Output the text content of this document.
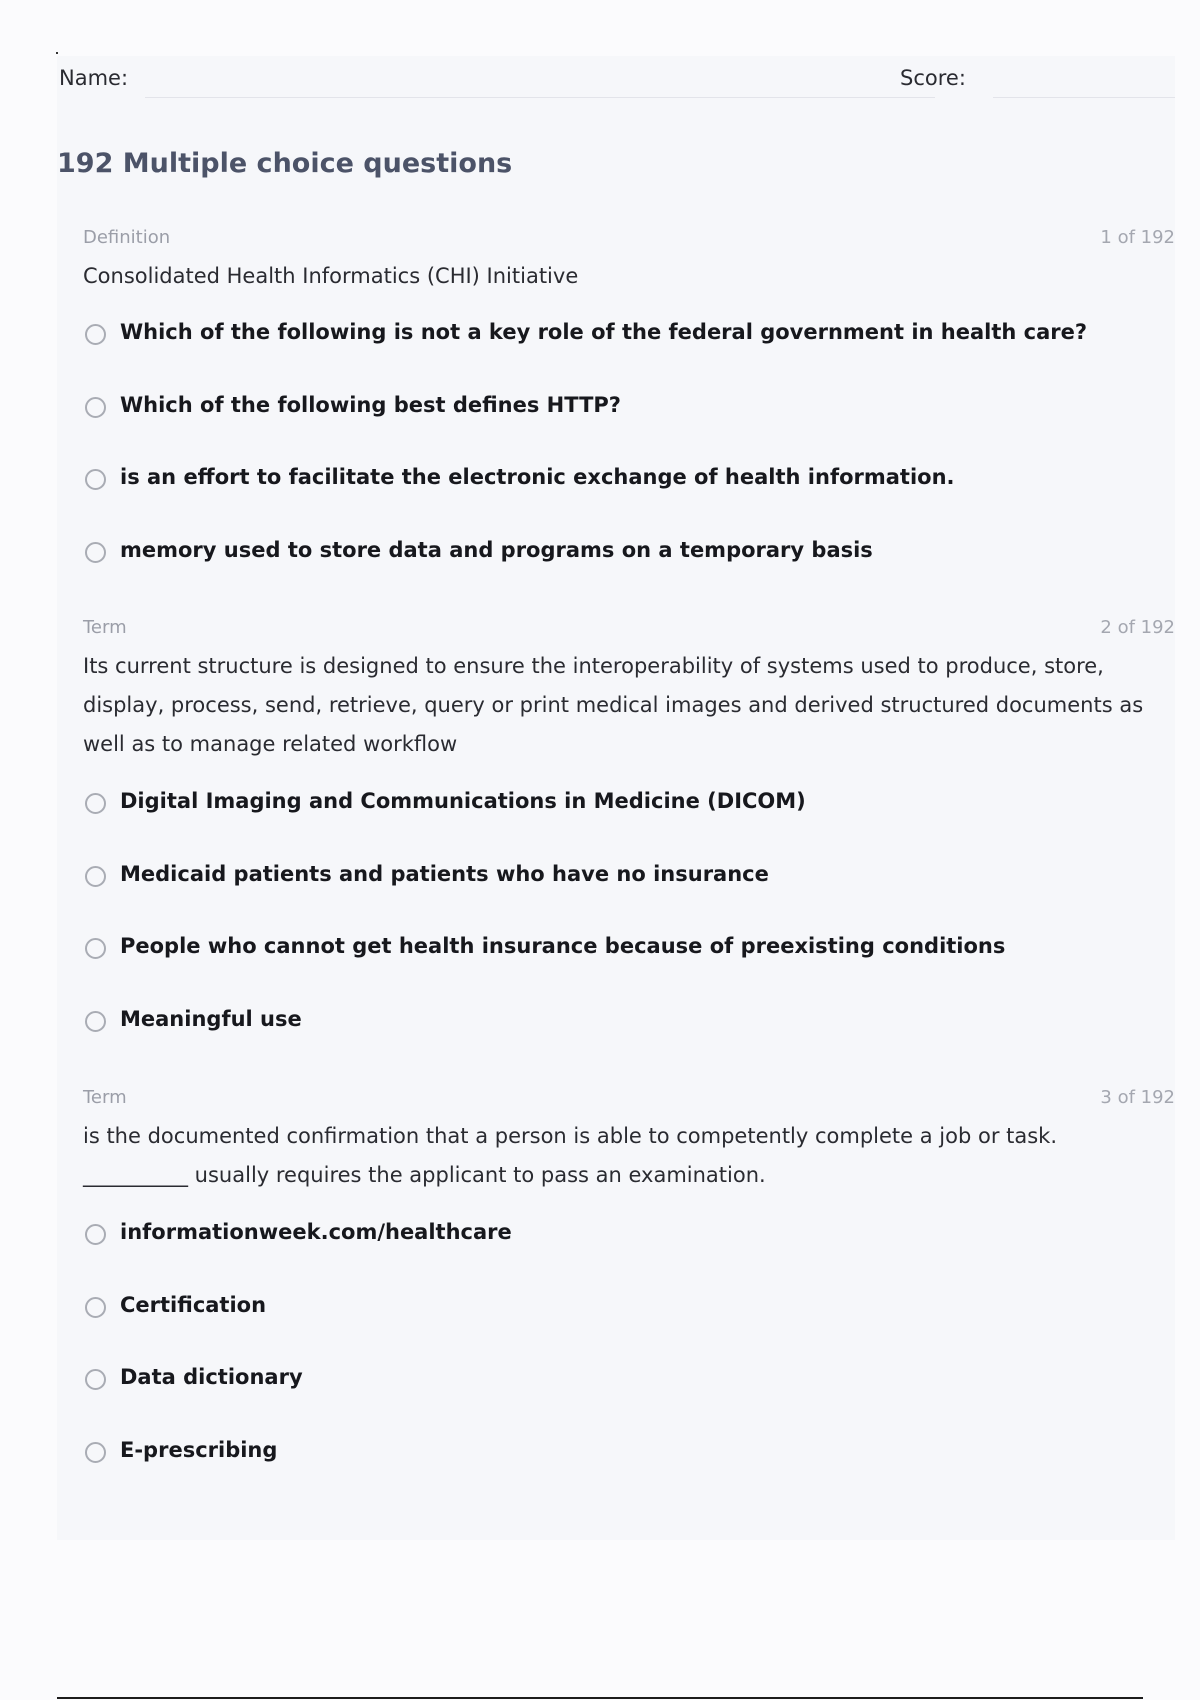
Name:	Score:
192 Multiple choice questions
Definition	1 of 192
Consolidated Health Informatics (CHI) Initiative
Which of the following is not a key role of the federal government in health care?
Which of the following best defines HTTP?
is an effort to facilitate the electronic exchange of health information.
memory used to store data and programs on a temporary basis
Term	2 of 192
Its current structure is designed to ensure the interoperability of systems used to produce, store, display, process, send, retrieve, query or print medical images and derived structured documents as well as to manage related workflow
Digital Imaging and Communications in Medicine (DICOM)
Medicaid patients and patients who have no insurance
People who cannot get health insurance because of preexisting conditions
Meaningful use
Term	3 of 192
is the documented confirmation that a person is able to competently complete a job or task. __________ usually requires the applicant to pass an examination.
informationweek.com/healthcare
Certification
Data dictionary
E-prescribing
